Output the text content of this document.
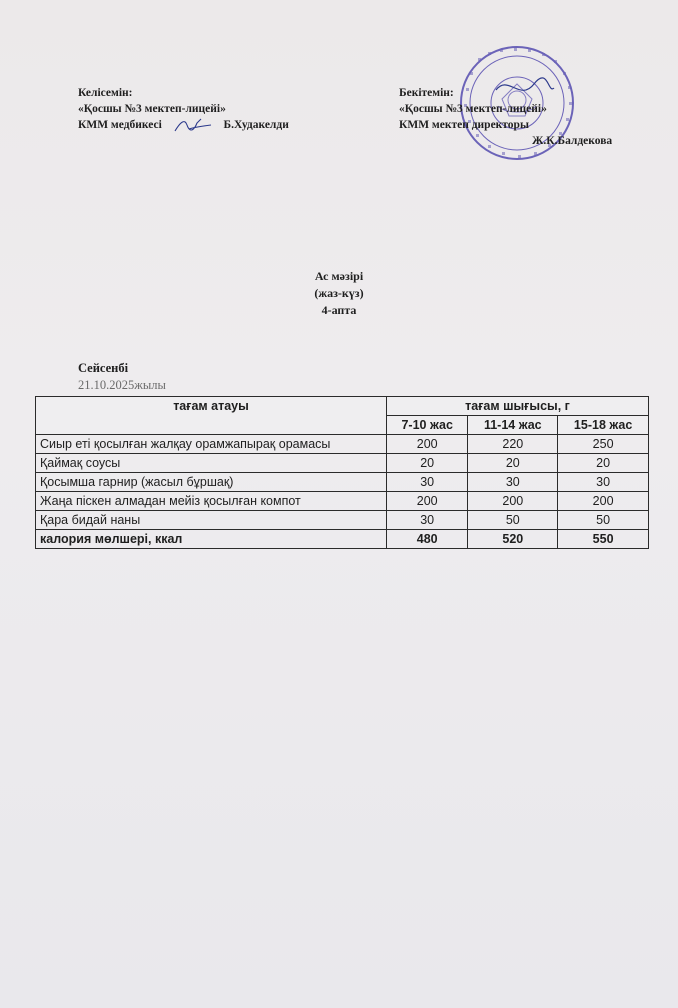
Келісемін:
«Қосшы №3 мектеп-лицейі»
КММ медбикесі	Б.Худакелди
Бекітемін:
«Қосшы №3 мектеп-лицейі»
КММ мектеп директоры
Ж.К.Балдекова
Ас мәзірі
(жаз-күз)
4-апта
Сейсенбі
21.10.2025жылы
тағам атауы	тағам шығысы, г		
	7-10 жас	11-14 жас	15-18 жас
Сиыр еті қосылған жалқау орамжапырақ орамасы	200	220	250
Қаймақ соусы	20	20	20
Қосымша гарнир (жасыл бұршақ)	30	30	30
Жаңа піскен алмадан мейіз қосылған компот	200	200	200
Қара бидай наны	30	50	50
калория мөлшері, ккал	480	520	550
